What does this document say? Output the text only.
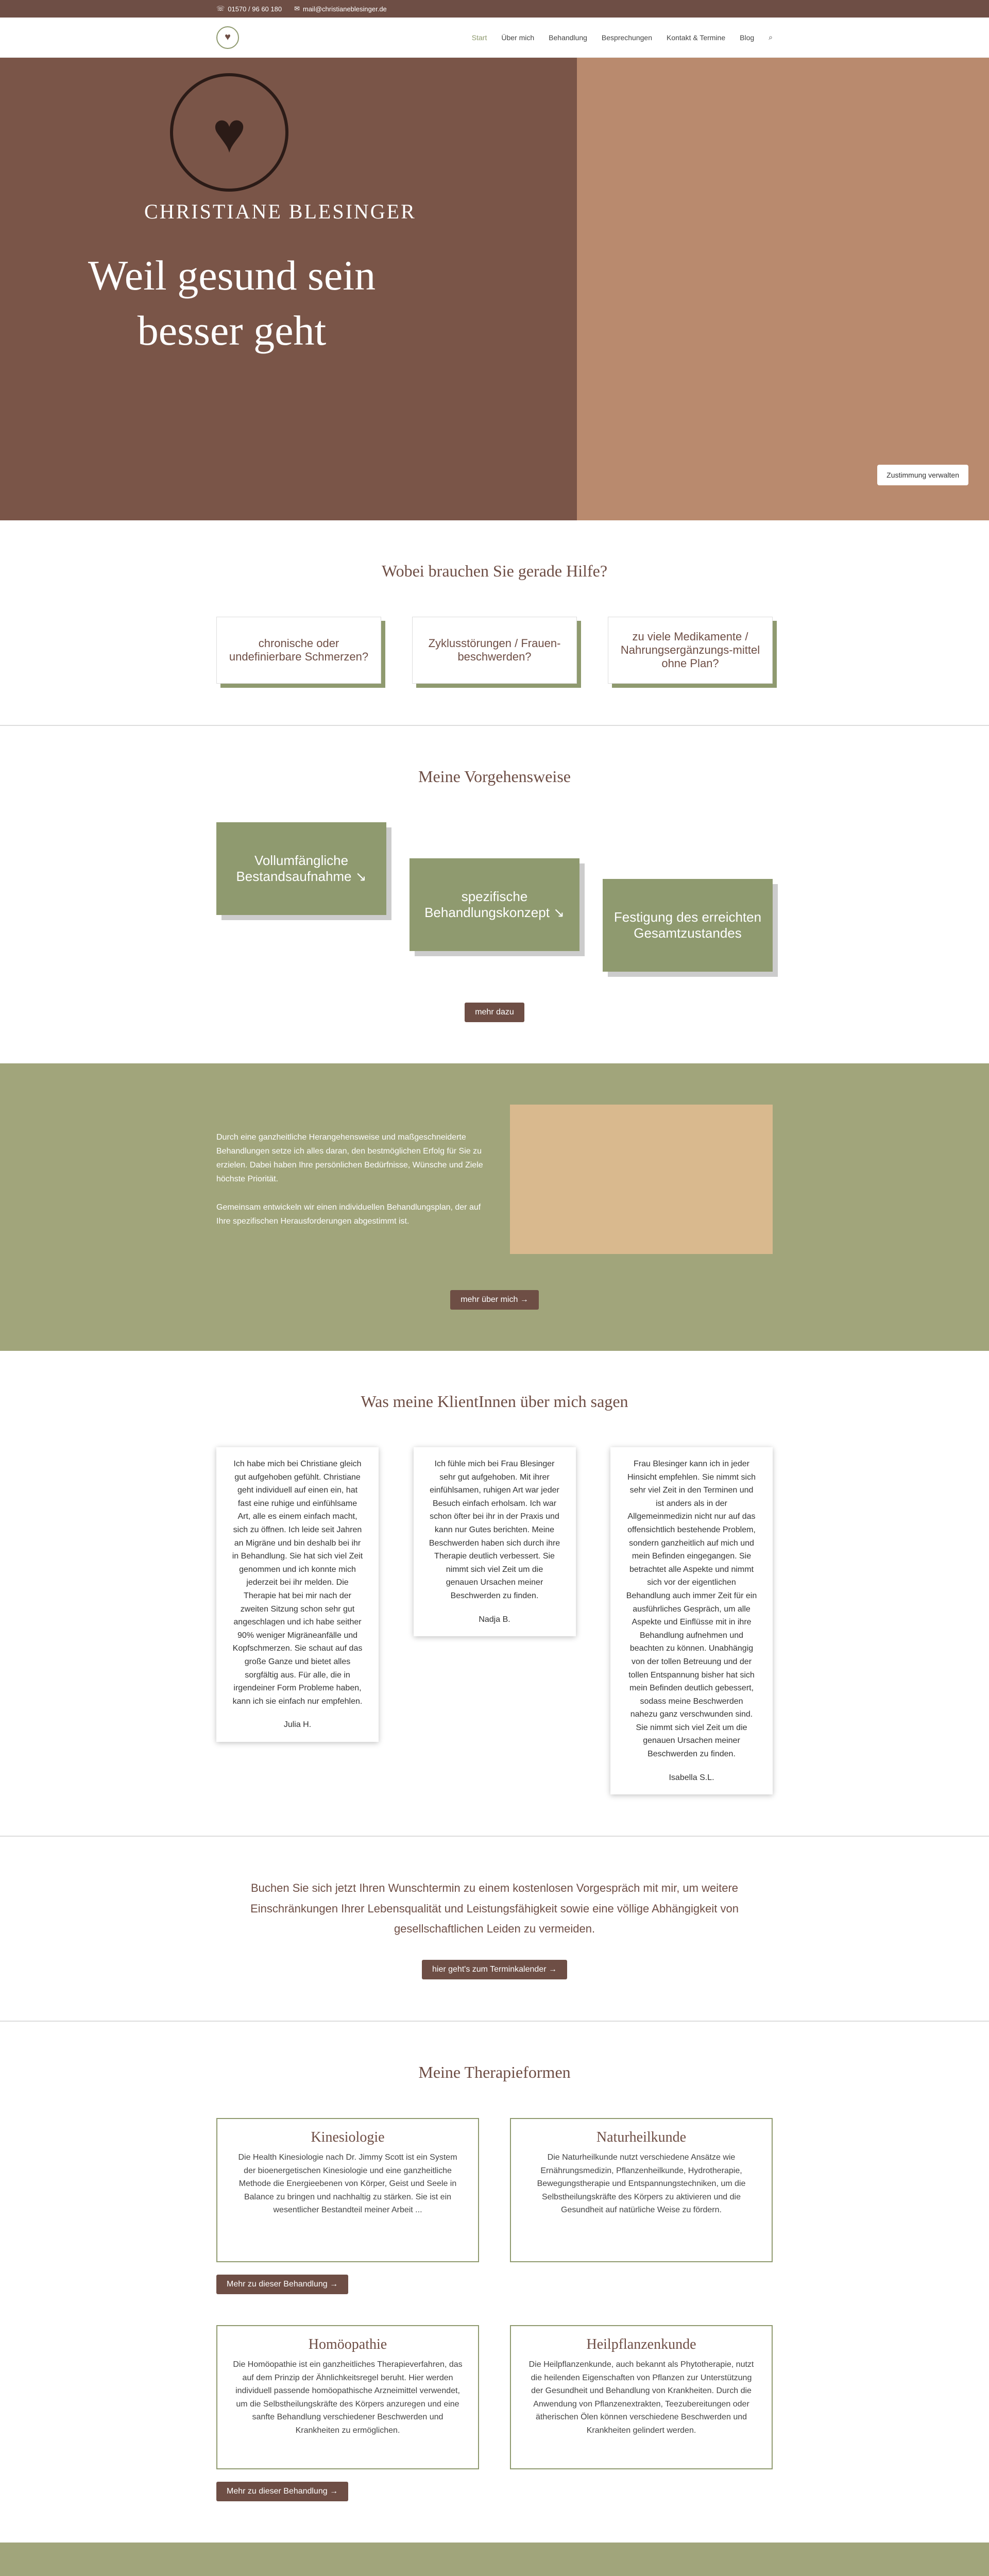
☏ 01570 / 96 60 180 ✉ mail@christianeblesinger.de
♥	Start Über mich Behandlung Besprechungen Kontakt & Termine Blog ⌕
♥
CHRISTIANE BLESINGER
Weil gesund sein besser geht
Zustimmung verwalten
Wobei brauchen Sie gerade Hilfe?
chronische oder undefinierbare Schmerzen?
Zyklusstörungen / Frauen-beschwerden?
zu viele Medikamente / Nahrungsergänzungs-mittel ohne Plan?
Meine Vorgehensweise
Vollumfängliche Bestandsaufnahme ↘
spezifische Behandlungskonzept ↘	Festigung des erreichten Gesamtzustandes
mehr dazu

Durch eine ganzheitliche Herangehensweise und maßgeschneiderte Behandlungen setze ich alles daran, den bestmöglichen Erfolg für Sie zu erzielen. Dabei haben Ihre persönlichen Bedürfnisse, Wünsche und Ziele höchste Priorität.

Gemeinsam entwickeln wir einen individuellen Behandlungsplan, der auf Ihre spezifischen Herausforderungen abgestimmt ist.

mehr über mich →
Was meine KlientInnen über mich sagen

Ich habe mich bei Christiane gleich gut aufgehoben gefühlt. Christiane geht individuell auf einen ein, hat fast eine ruhige und einfühlsame Art, alle es einem einfach macht, sich zu öffnen. Ich leide seit Jahren an Migräne und bin deshalb bei ihr in Behandlung. Sie hat sich viel Zeit genommen und ich konnte mich jederzeit bei ihr melden. Die Therapie hat bei mir nach der zweiten Sitzung schon sehr gut angeschlagen und ich habe seither 90% weniger Migräneanfälle und Kopfschmerzen. Sie schaut auf das große Ganze und bietet alles sorgfältig aus. Für alle, die in irgendeiner Form Probleme haben, kann ich sie einfach nur empfehlen.

Julia H.

Ich fühle mich bei Frau Blesinger sehr gut aufgehoben. Mit ihrer einfühlsamen, ruhigen Art war jeder Besuch einfach erholsam. Ich war schon öfter bei ihr in der Praxis und kann nur Gutes berichten. Meine Beschwerden haben sich durch ihre Therapie deutlich verbessert. Sie nimmt sich viel Zeit um die genauen Ursachen meiner Beschwerden zu finden.

Nadja B.

Frau Blesinger kann ich in jeder Hinsicht empfehlen. Sie nimmt sich sehr viel Zeit in den Terminen und ist anders als in der Allgemeinmedizin nicht nur auf das offensichtlich bestehende Problem, sondern ganzheitlich auf mich und mein Befinden eingegangen. Sie betrachtet alle Aspekte und nimmt sich vor der eigentlichen Behandlung auch immer Zeit für ein ausführliches Gespräch, um alle Aspekte und Einflüsse mit in ihre Behandlung aufnehmen und beachten zu können. Unabhängig von der tollen Betreuung und der tollen Entspannung bisher hat sich mein Befinden deutlich gebessert, sodass meine Beschwerden nahezu ganz verschwunden sind. Sie nimmt sich viel Zeit um die genauen Ursachen meiner Beschwerden zu finden.

Isabella S.L.

Buchen Sie sich jetzt Ihren Wunschtermin zu einem kostenlosen Vorgespräch mit mir, um weitere Einschränkungen Ihrer Lebensqualität und Leistungsfähigkeit sowie eine völlige Abhängigkeit von gesellschaftlichen Leiden zu vermeiden.

hier geht's zum Terminkalender →
Meine Therapieformen
Kinesiologie

Die Health Kinesiologie nach Dr. Jimmy Scott ist ein System der bioenergetischen Kinesiologie und eine ganzheitliche Methode die Energieebenen von Körper, Geist und Seele in Balance zu bringen und nachhaltig zu stärken. Sie ist ein wesentlicher Bestandteil meiner Arbeit ...

Mehr zu dieser Behandlung →
Naturheilkunde

Die Naturheilkunde nutzt verschiedene Ansätze wie Ernährungsmedizin, Pflanzenheilkunde, Hydrotherapie, Bewegungstherapie und Entspannungstechniken, um die Selbstheilungskräfte des Körpers zu aktivieren und die Gesundheit auf natürliche Weise zu fördern.

Homöopathie

Die Homöopathie ist ein ganzheitliches Therapieverfahren, das auf dem Prinzip der Ähnlichkeitsregel beruht. Hier werden individuell passende homöopathische Arzneimittel verwendet, um die Selbstheilungskräfte des Körpers anzuregen und eine sanfte Behandlung verschiedener Beschwerden und Krankheiten zu ermöglichen.

Mehr zu dieser Behandlung →
Heilpflanzenkunde

Die Heilpflanzenkunde, auch bekannt als Phytotherapie, nutzt die heilenden Eigenschaften von Pflanzen zur Unterstützung der Gesundheit und Behandlung von Krankheiten. Durch die Anwendung von Pflanzenextrakten, Teezubereitungen oder ätherischen Ölen können verschiedene Beschwerden und Krankheiten gelindert werden.
